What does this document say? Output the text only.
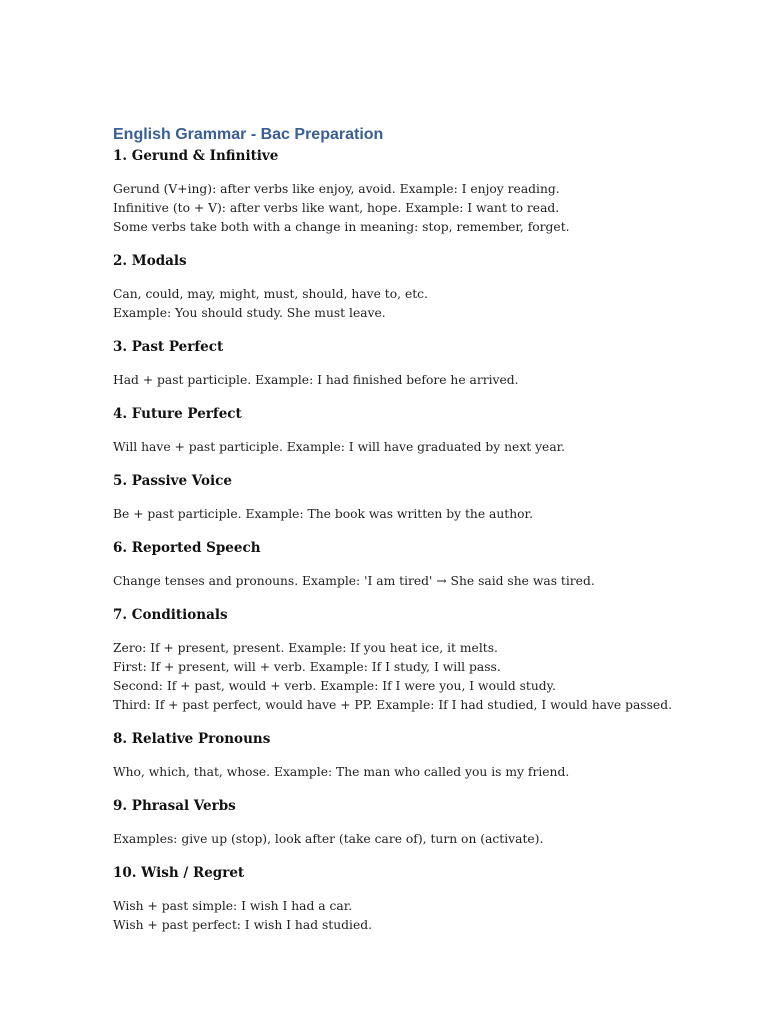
English Grammar - Bac Preparation
1. Gerund & Infinitive

Gerund (V+ing): after verbs like enjoy, avoid. Example: I enjoy reading.
Infinitive (to + V): after verbs like want, hope. Example: I want to read.
Some verbs take both with a change in meaning: stop, remember, forget.

2. Modals

Can, could, may, might, must, should, have to, etc.
Example: You should study. She must leave.

3. Past Perfect

Had + past participle. Example: I had finished before he arrived.

4. Future Perfect

Will have + past participle. Example: I will have graduated by next year.

5. Passive Voice

Be + past participle. Example: The book was written by the author.

6. Reported Speech

Change tenses and pronouns. Example: 'I am tired' → She said she was tired.

7. Conditionals

Zero: If + present, present. Example: If you heat ice, it melts.
First: If + present, will + verb. Example: If I study, I will pass.
Second: If + past, would + verb. Example: If I were you, I would study.
Third: If + past perfect, would have + PP. Example: If I had studied, I would have passed.

8. Relative Pronouns

Who, which, that, whose. Example: The man who called you is my friend.

9. Phrasal Verbs

Examples: give up (stop), look after (take care of), turn on (activate).

10. Wish / Regret

Wish + past simple: I wish I had a car.
Wish + past perfect: I wish I had studied.
